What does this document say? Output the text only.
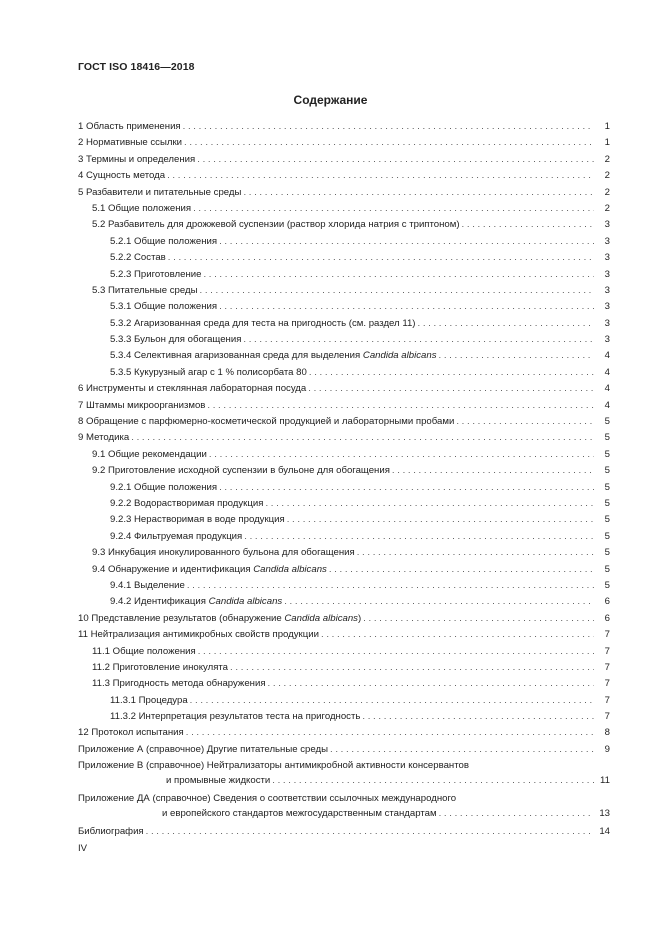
ГОСТ ISO 18416—2018
Содержание
1 Область применения . . .	1
2 Нормативные ссылки . . .	1
3 Термины и определения . . .	2
4 Сущность метода . . .	2
5 Разбавители и питательные среды . . .	2
5.1 Общие положения . . .	2
5.2 Разбавитель для дрожжевой суспензии (раствор хлорида натрия с триптоном) . . .	3
5.2.1 Общие положения . . .	3
5.2.2 Состав . . .	3
5.2.3 Приготовление . . .	3
5.3 Питательные среды . . .	3
5.3.1 Общие положения . . .	3
5.3.2 Агаризованная среда для теста на пригодность (см. раздел 11) . . .	3
5.3.3 Бульон для обогащения . . .	3
5.3.4 Селективная агаризованная среда для выделения Candida albicans . . .	4
5.3.5 Кукурузный агар с 1 % полисорбата 80 . . .	4
6 Инструменты и стеклянная лабораторная посуда . . .	4
7 Штаммы микроорганизмов . . .	4
8 Обращение с парфюмерно-косметической продукцией и лабораторными пробами . . .	5
9 Методика . . .	5
9.1 Общие рекомендации . . .	5
9.2 Приготовление исходной суспензии в бульоне для обогащения . . .	5
9.2.1 Общие положения . . .	5
9.2.2 Водорастворимая продукция . . .	5
9.2.3 Нерастворимая в воде продукция . . .	5
9.2.4 Фильтруемая продукция . . .	5
9.3 Инкубация инокулированного бульона для обогащения . . .	5
9.4 Обнаружение и идентификация Candida albicans . . .	5
9.4.1 Выделение . . .	5
9.4.2 Идентификация Candida albicans . . .	6
10 Представление результатов (обнаружение Candida albicans) . . .	6
11 Нейтрализация антимикробных свойств продукции . . .	7
11.1 Общие положения . . .	7
11.2 Приготовление инокулята . . .	7
11.3 Пригодность метода обнаружения . . .	7
11.3.1 Процедура . . .	7
11.3.2 Интерпретация результатов теста на пригодность . . .	7
12 Протокол испытания . . .	8
Приложение А (справочное) Другие питательные среды . . .	9
Приложение В (справочное) Нейтрализаторы антимикробной активности консервантов
и промывные жидкости . . .	11
Приложение ДА (справочное) Сведения о соответствии ссылочных международного
и европейского стандартов межгосударственным стандартам . . .	13
Библиография . . .	14
IV
